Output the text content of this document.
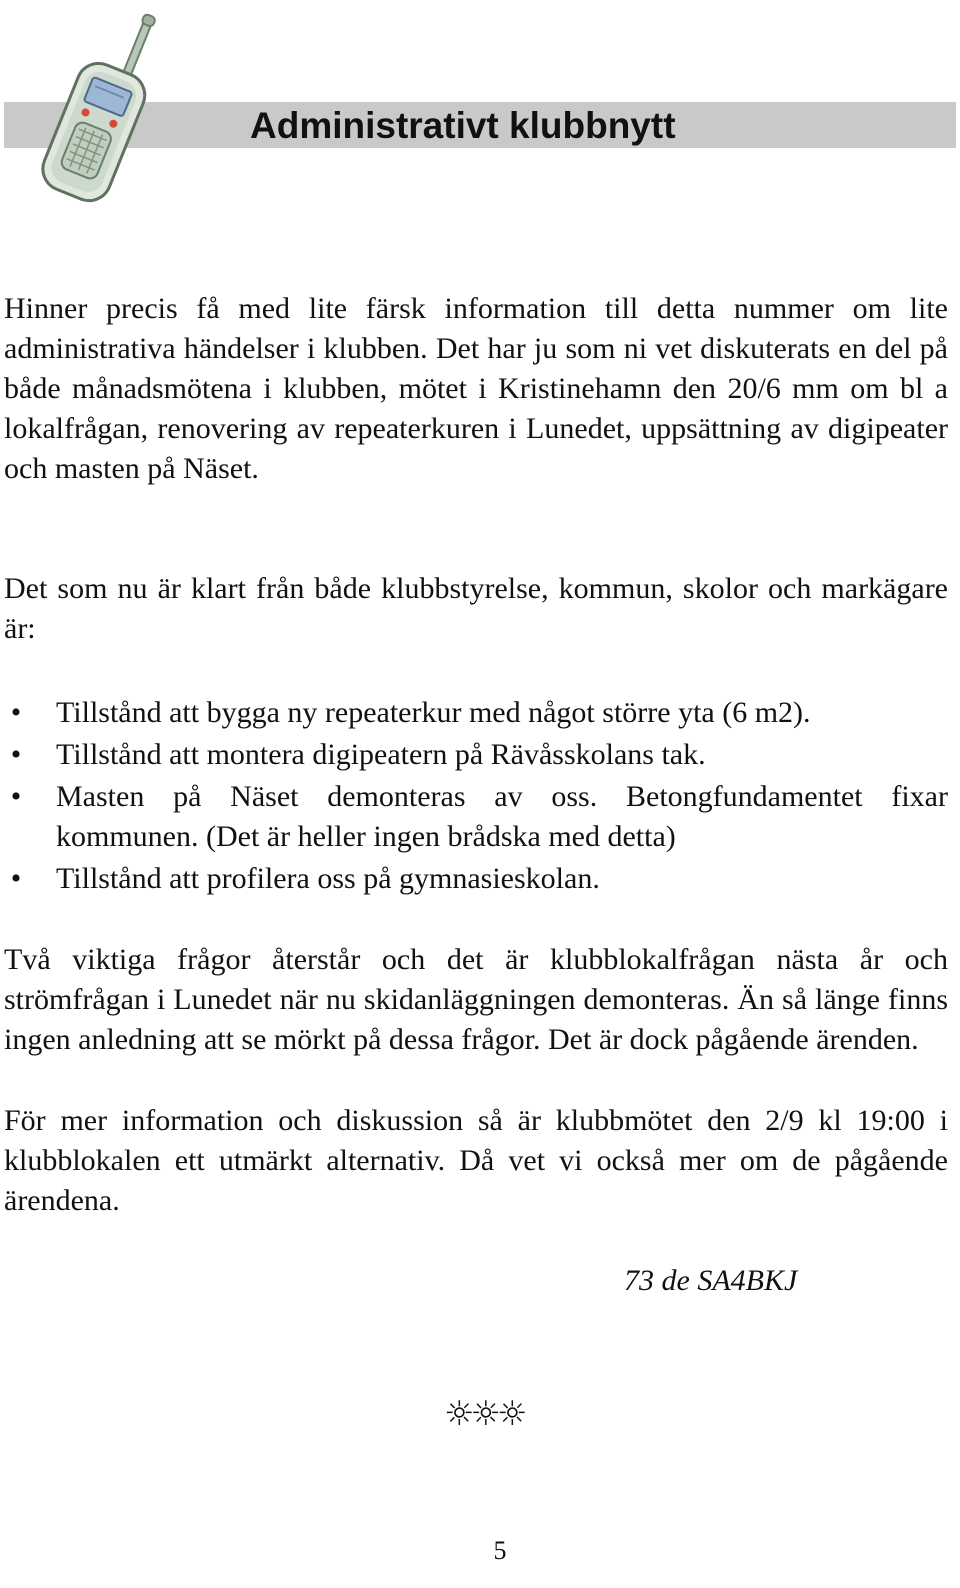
Administrativt klubbnytt

Hinner precis få med lite färsk information till detta nummer om lite administrativa händelser i klubben. Det har ju som ni vet diskuterats en del på både månadsmötena i klubben, mötet i Kristinehamn den 20/6 mm om bl a lokalfrågan, renovering av repeaterkuren i Lunedet, uppsättning av digipeater och masten på Näset.

Det som nu är klart från både klubbstyrelse, kommun, skolor och markägare är:

• Tillstånd att bygga ny repeaterkur med något större yta (6 m2).
• Tillstånd att montera digipeatern på Rävåsskolans tak.
• Masten på Näset demonteras av oss. Betongfundamentet fixar kommunen. (Det är heller ingen brådska med detta)
• Tillstånd att profilera oss på gymnasieskolan.

Två viktiga frågor återstår och det är klubblokalfrågan nästa år och strömfrågan i Lunedet när nu skidanläggningen demonteras. Än så länge finns ingen anledning att se mörkt på dessa frågor. Det är dock pågående ärenden.

För mer information och diskussion så är klubbmötet den 2/9 kl 19:00 i klubblokalen ett utmärkt alternativ. Då vet vi också mer om de pågående ärendena.

73 de SA4BKJ
☼☼☼
5
